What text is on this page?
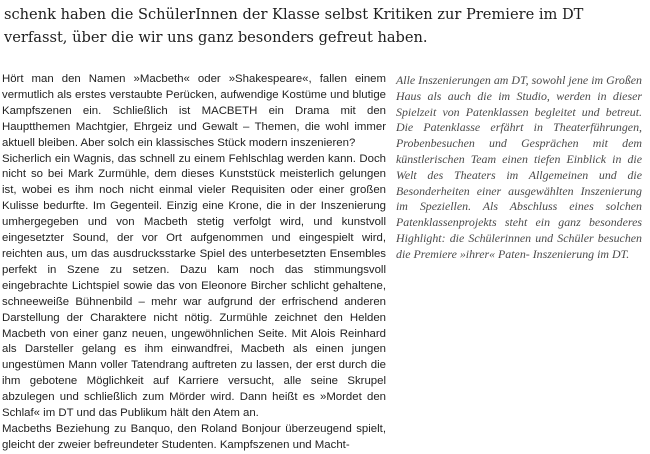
schenk haben die SchülerInnen der Klasse selbst Kritiken zur Premiere im DT verfasst, über die wir uns ganz besonders gefreut haben.

Hört man den Namen »Macbeth« oder »Shakespeare«, fallen einem vermutlich als erstes verstaubte Perücken, aufwendige Kostüme und blutige Kampfszenen ein. Schließlich ist MACBETH ein Drama mit den Hauptthemen Machtgier, Ehrgeiz und Gewalt – Themen, die wohl immer aktuell bleiben. Aber solch ein klassisches Stück modern inszenieren?

Sicherlich ein Wagnis, das schnell zu einem Fehlschlag werden kann. Doch nicht so bei Mark Zurmühle, dem dieses Kunststück meisterlich gelungen ist, wobei es ihm noch nicht einmal vieler Requisiten oder einer großen Kulisse bedurfte. Im Gegenteil. Einzig eine Krone, die in der Inszenierung umhergegeben und von Macbeth stetig verfolgt wird, und kunstvoll eingesetzter Sound, der vor Ort aufgenommen und eingespielt wird, reichten aus, um das ausdrucksstarke Spiel des unterbesetzten Ensembles perfekt in Szene zu setzen. Dazu kam noch das stimmungsvoll eingebrachte Lichtspiel sowie das von Eleonore Bircher schlicht gehaltene, schneeweiße Bühnenbild – mehr war aufgrund der erfrischend anderen Darstellung der Charaktere nicht nötig. Zurmühle zeichnet den Helden Macbeth von einer ganz neuen, ungewöhnlichen Seite. Mit Alois Reinhard als Darsteller gelang es ihm einwandfrei, Macbeth als einen jungen ungestümen Mann voller Tatendrang auftreten zu lassen, der erst durch die ihm gebotene Möglichkeit auf Karriere versucht, alle seine Skrupel abzulegen und schließlich zum Mörder wird. Dann heißt es »Mordet den Schlaf« im DT und das Publikum hält den Atem an.

Macbeths Beziehung zu Banquo, den Roland Bonjour überzeugend spielt, gleicht der zweier befreundeter Studenten. Kampfszenen und Macht-

Alle Inszenierungen am DT, sowohl jene im Großen Haus als auch die im Studio, werden in dieser Spielzeit von Patenklassen begleitet und betreut. Die Patenklasse erfährt in Theaterführungen, Probenbesuchen und Gesprächen mit dem künstlerischen Team einen tiefen Einblick in die Welt des Theaters im Allgemeinen und die Besonderheiten einer ausgewählten Inszenierung im Speziellen. Als Abschluss eines solchen Patenklassenprojekts steht ein ganz besonderes Highlight: die Schülerinnen und Schüler besuchen die Premiere »ihrer« Paten- Inszenierung im DT.
